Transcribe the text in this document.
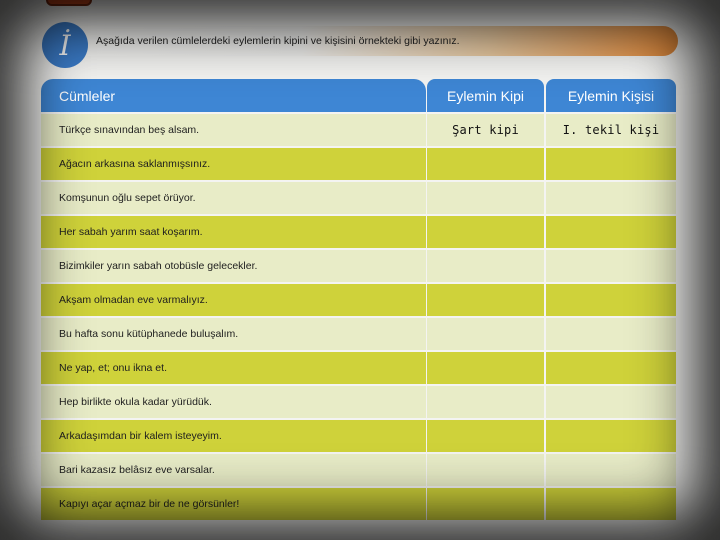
İ Aşağıda verilen cümlelerdeki eylemlerin kipini ve kişisini örnekteki gibi yazınız.
Cümleler	Eylemin Kipi	Eylemin Kişisi
Türkçe sınavından beş alsam.	Şart kipi	I. tekil kişi
Ağacın arkasına saklanmışsınız.
Komşunun oğlu sepet örüyor.
Her sabah yarım saat koşarım.
Bizimkiler yarın sabah otobüsle gelecekler.
Akşam olmadan eve varmalıyız.
Bu hafta sonu kütüphanede buluşalım.
Ne yap, et; onu ikna et.
Hep birlikte okula kadar yürüdük.
Arkadaşımdan bir kalem isteyeyim.
Bari kazasız belâsız eve varsalar.
Kapıyı açar açmaz bir de ne görsünler!
